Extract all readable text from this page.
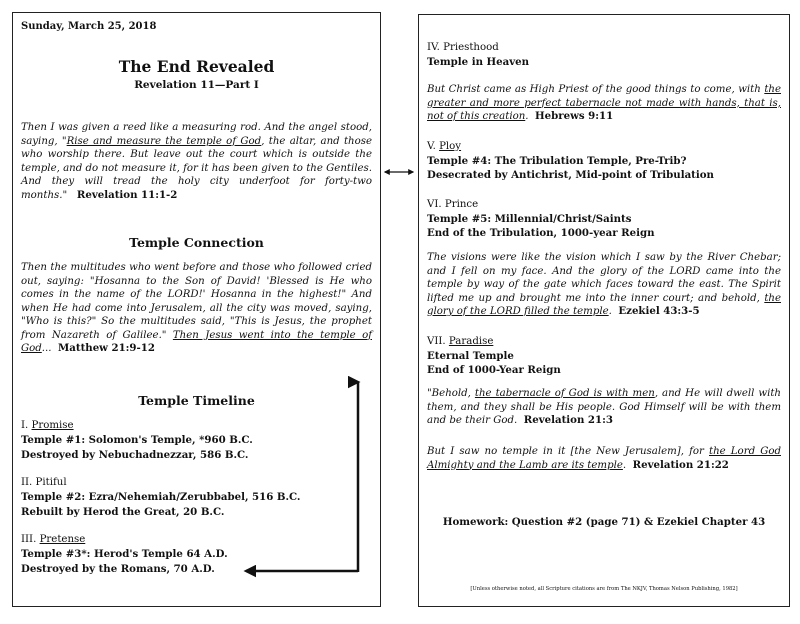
Sunday, March 25, 2018
The End Revealed
Revelation 11—Part I
Then I was given a reed like a measuring rod. And the angel stood, saying, "Rise and measure the temple of God, the altar, and those who worship there. But leave out the court which is outside the temple, and do not measure it, for it has been given to the Gentiles. And they will tread the holy city underfoot for forty-two months." Revelation 11:1-2
Temple Connection
Then the multitudes who went before and those who followed cried out, saying: "Hosanna to the Son of David! 'Blessed is He who comes in the name of the LORD!' Hosanna in the highest!" And when He had come into Jerusalem, all the city was moved, saying, "Who is this?" So the multitudes said, "This is Jesus, the prophet from Nazareth of Galilee." Then Jesus went into the temple of God... Matthew 21:9-12
Temple Timeline
I. Promise
Temple #1: Solomon's Temple, *960 B.C.
Destroyed by Nebuchadnezzar, 586 B.C.
II. Pitiful
Temple #2: Ezra/Nehemiah/Zerubbabel, 516 B.C.
Rebuilt by Herod the Great, 20 B.C.
III. Pretense
Temple #3*: Herod's Temple 64 A.D.
Destroyed by the Romans, 70 A.D.
IV. Priesthood
Temple in Heaven
But Christ came as High Priest of the good things to come, with the greater and more perfect tabernacle not made with hands, that is, not of this creation. Hebrews 9:11
V. Ploy
Temple #4: The Tribulation Temple, Pre-Trib?
Desecrated by Antichrist, Mid-point of Tribulation
VI. Prince
Temple #5: Millennial/Christ/Saints
End of the Tribulation, 1000-year Reign
The visions were like the vision which I saw by the River Chebar; and I fell on my face. And the glory of the LORD came into the temple by way of the gate which faces toward the east. The Spirit lifted me up and brought me into the inner court; and behold, the glory of the LORD filled the temple. Ezekiel 43:3-5
VII. Paradise
Eternal Temple
End of 1000-Year Reign
"Behold, the tabernacle of God is with men, and He will dwell with them, and they shall be His people. God Himself will be with them and be their God. Revelation 21:3
But I saw no temple in it [the New Jerusalem], for the Lord God Almighty and the Lamb are its temple. Revelation 21:22
Homework: Question #2 (page 71) & Ezekiel Chapter 43
[Unless otherwise noted, all Scripture citations are from The NKJV, Thomas Nelson Publishing, 1982]
